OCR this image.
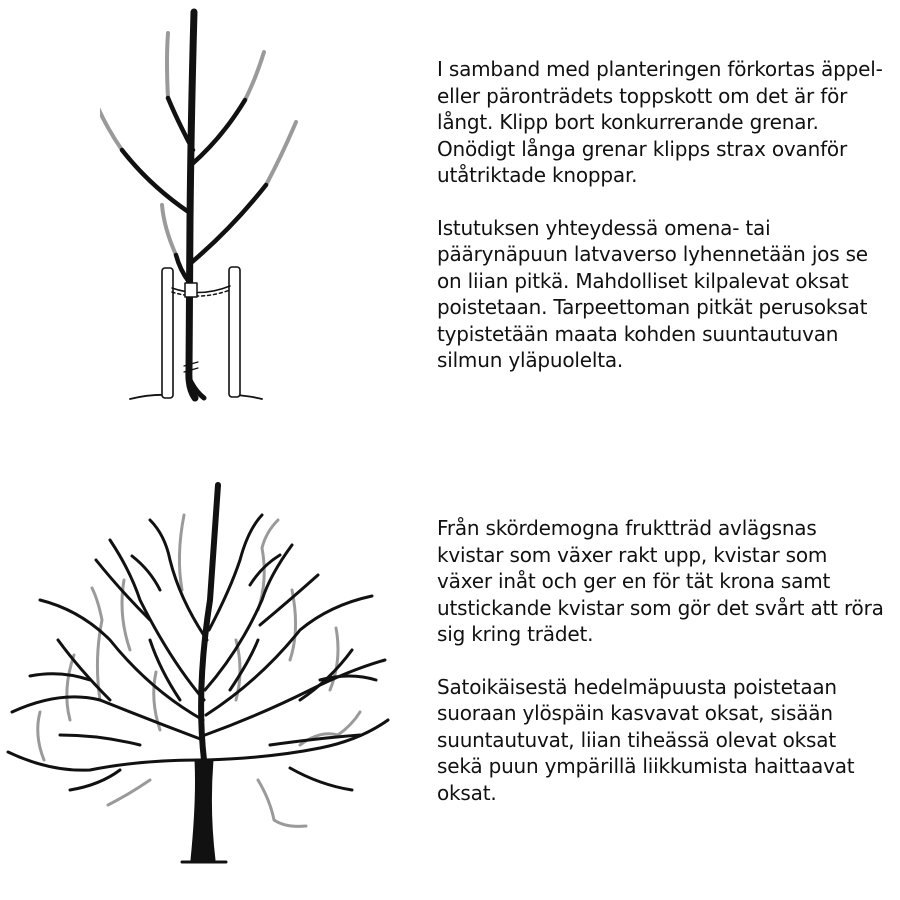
I samband med planteringen förkortas äppel- eller päronträdets toppskott om det är för långt. Klipp bort konkurrerande grenar. Onödigt långa grenar klipps strax ovanför utåtriktade knoppar.

Istutuksen yhteydessä omena- tai päärynäpuun latvaverso lyhennetään jos se on liian pitkä. Mahdolliset kilpalevat oksat poistetaan. Tarpeettoman pitkät perusoksat typistetään maata kohden suuntautuvan silmun yläpuolelta.

Från skördemogna fruktträd avlägsnas kvistar som växer rakt upp, kvistar som växer inåt och ger en för tät krona samt utstickande kvistar som gör det svårt att röra sig kring trädet.

Satoikäisestä hedelmäpuusta poistetaan suoraan ylöspäin kasvavat oksat, sisään suuntautuvat, liian tiheässä olevat oksat sekä puun ympärillä liikkumista haittaavat oksat.
